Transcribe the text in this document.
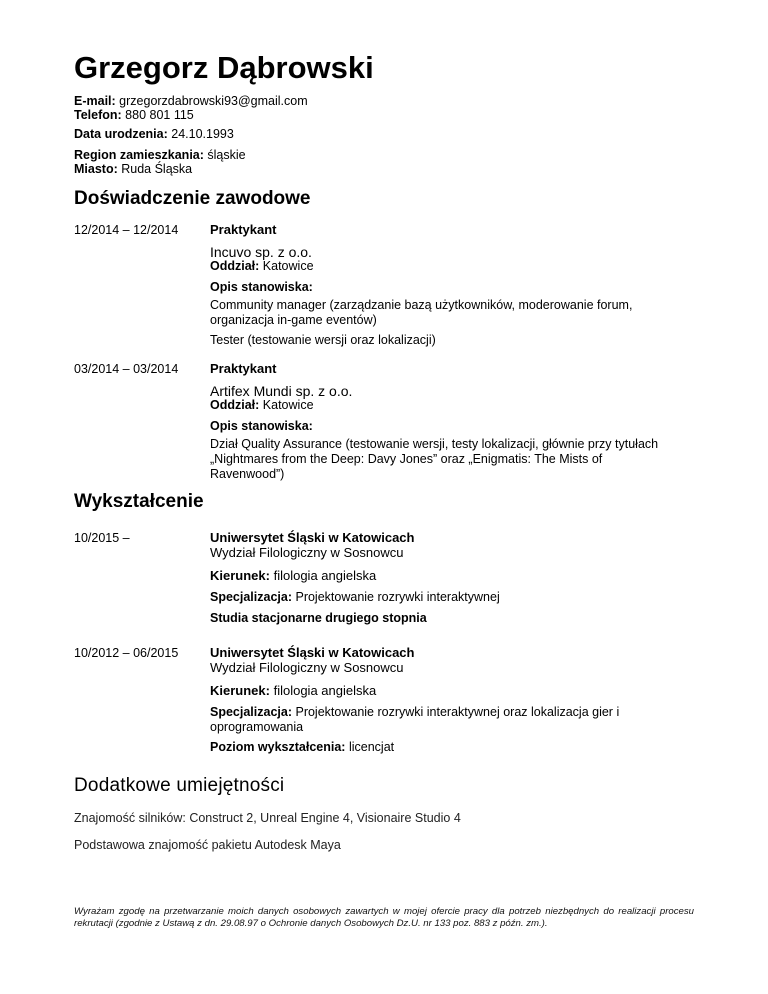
Grzegorz Dąbrowski
E-mail: grzegorzdabrowski93@gmail.com
Telefon: 880 801 115
Data urodzenia: 24.10.1993
Region zamieszkania: śląskie
Miasto: Ruda Śląska
Doświadczenie zawodowe
12/2014 – 12/2014 Praktykant
Incuvo sp. z o.o.
Oddział: Katowice
Opis stanowiska:
Community manager (zarządzanie bazą użytkowników, moderowanie forum, organizacja in-game eventów)
Tester (testowanie wersji oraz lokalizacji)
03/2014 – 03/2014 Praktykant
Artifex Mundi sp. z o.o.
Oddział: Katowice
Opis stanowiska:
Dział Quality Assurance (testowanie wersji, testy lokalizacji, głównie przy tytułach „Nightmares from the Deep: Davy Jones” oraz „Enigmatis: The Mists of Ravenwood”)
Wykształcenie
10/2015 –	Uniwersytet Śląski w Katowicach
Wydział Filologiczny w Sosnowcu
Kierunek: filologia angielska
Specjalizacja: Projektowanie rozrywki interaktywnej
Studia stacjonarne drugiego stopnia
10/2012 – 06/2015 Uniwersytet Śląski w Katowicach
Wydział Filologiczny w Sosnowcu
Kierunek: filologia angielska
Specjalizacja: Projektowanie rozrywki interaktywnej oraz lokalizacja gier i oprogramowania
Poziom wykształcenia: licencjat
Dodatkowe umiejętności
Znajomość silników: Construct 2, Unreal Engine 4, Visionaire Studio 4
Podstawowa znajomość pakietu Autodesk Maya
Wyrażam zgodę na przetwarzanie moich danych osobowych zawartych w mojej ofercie pracy dla potrzeb niezbędnych do realizacji procesu rekrutacji (zgodnie z Ustawą z dn. 29.08.97 o Ochronie danych Osobowych Dz.U. nr 133 poz. 883 z późn. zm.).
